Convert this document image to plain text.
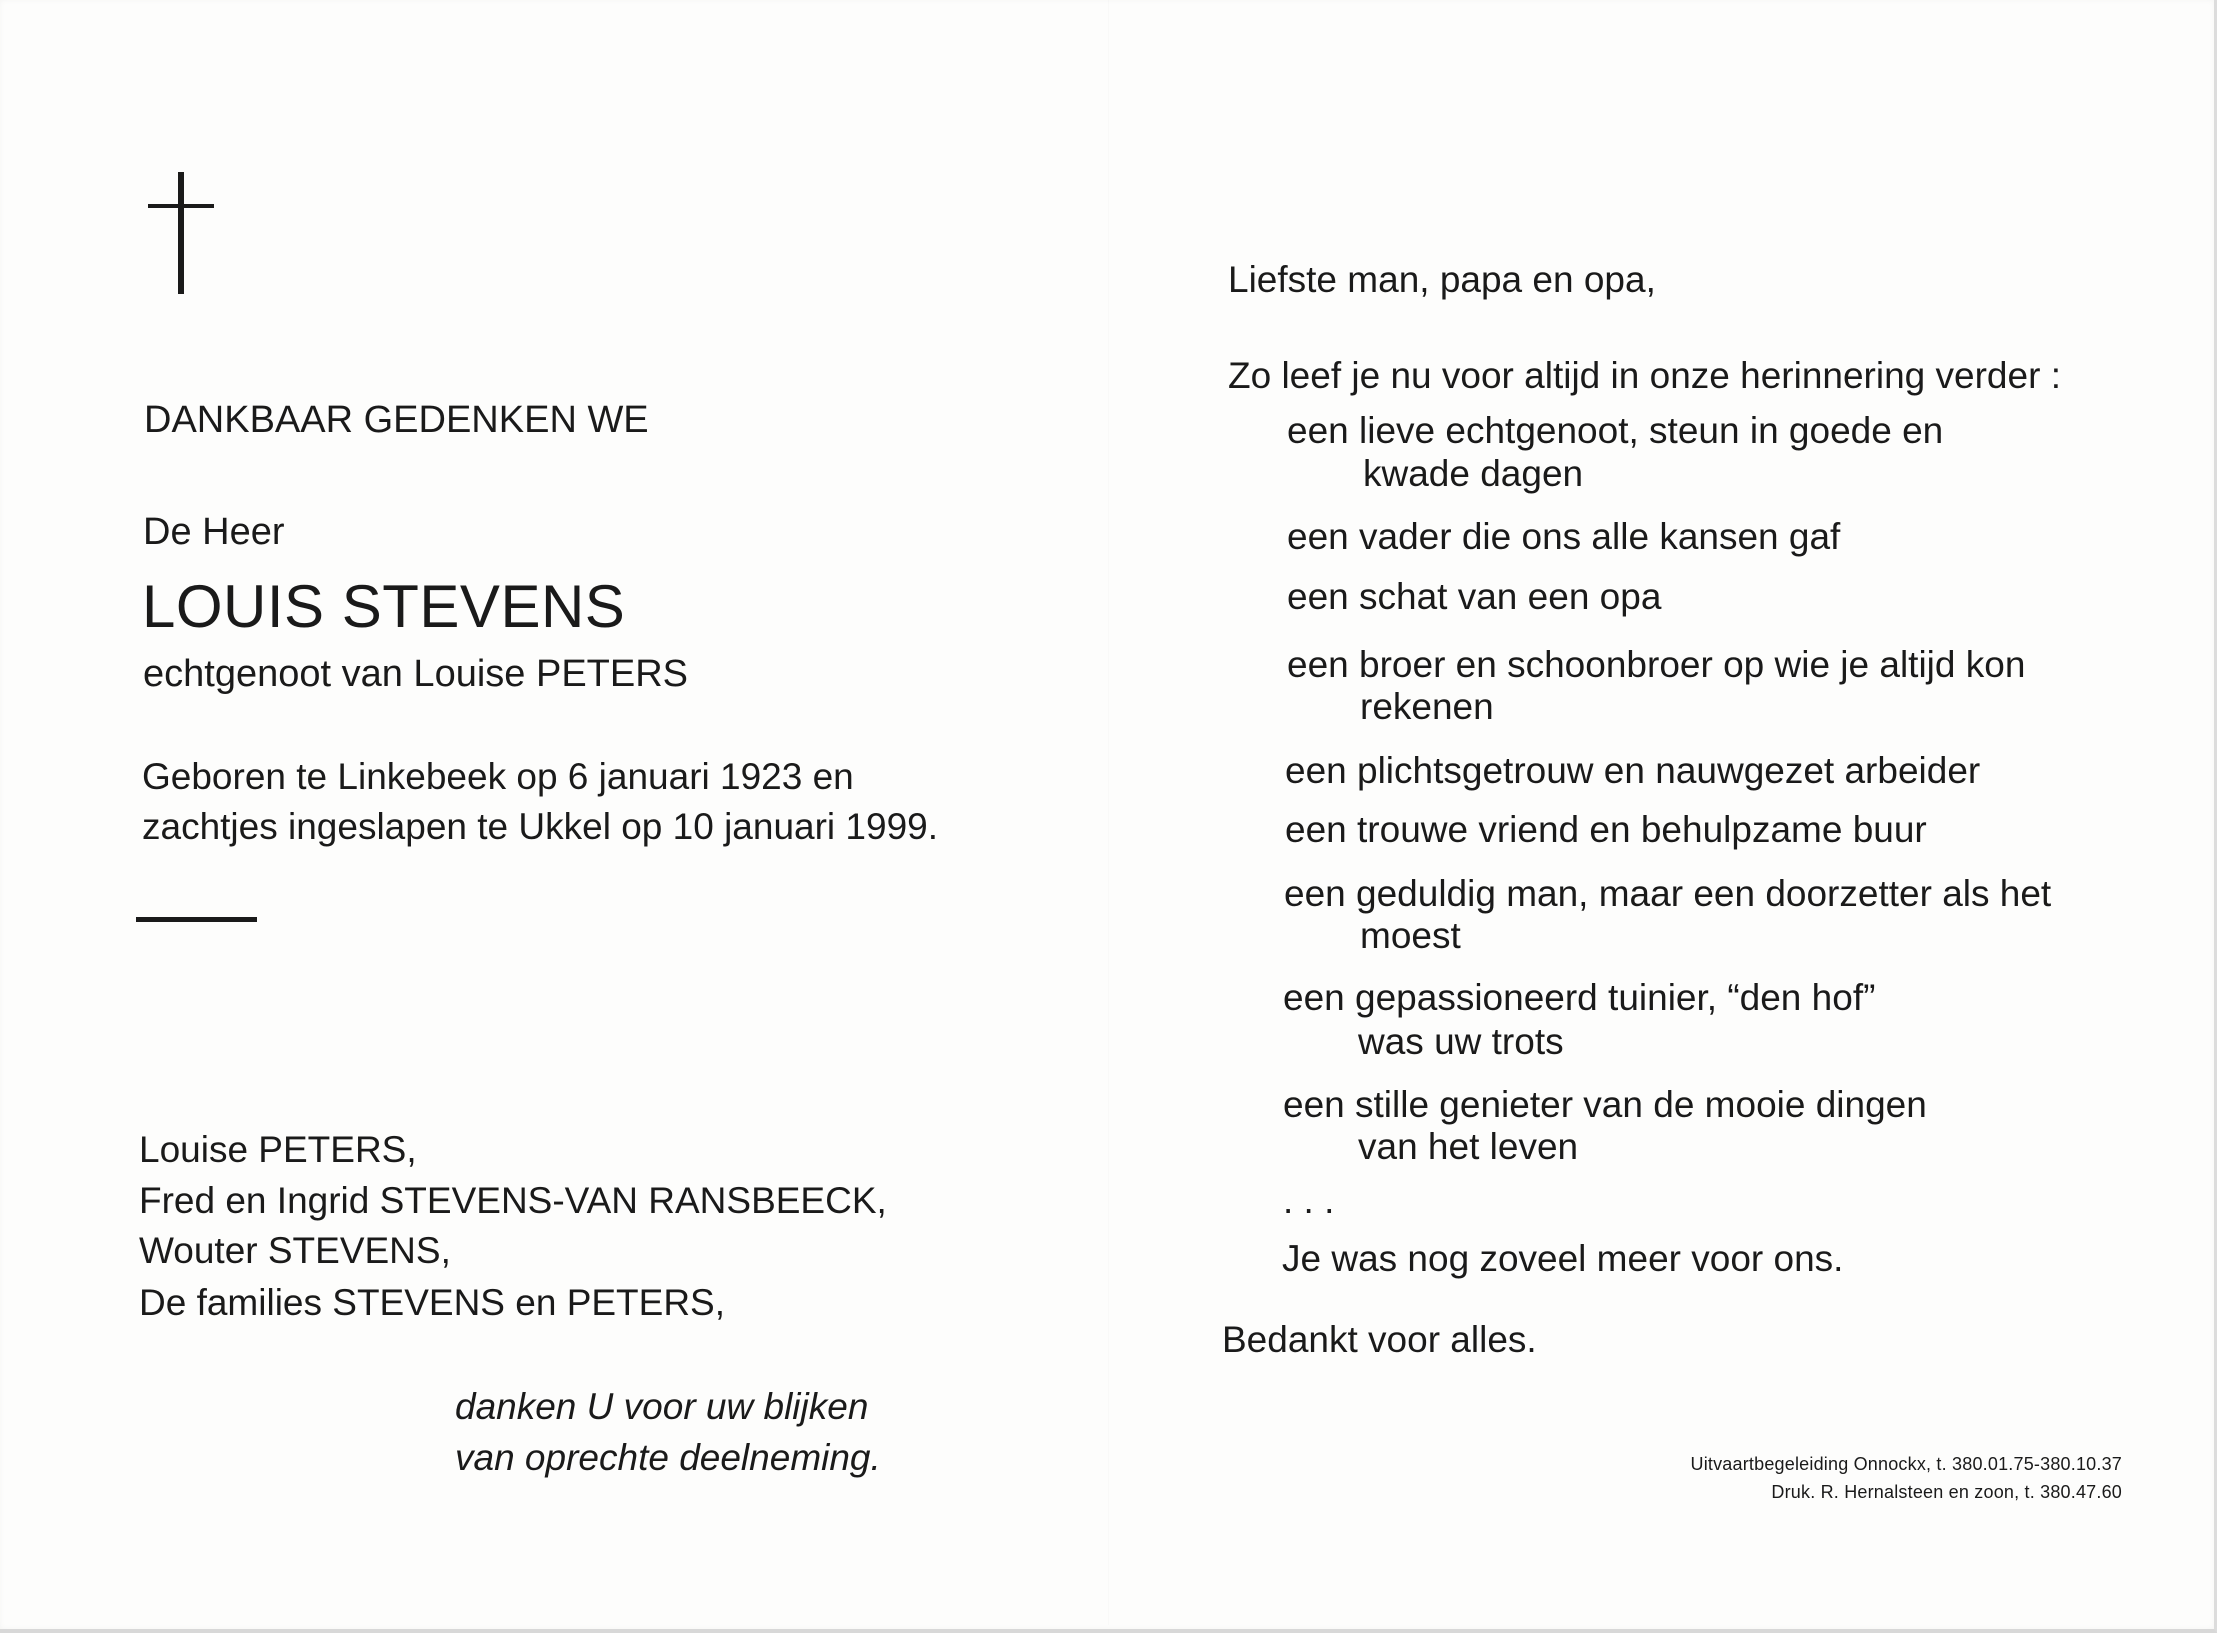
DANKBAAR GEDENKEN WE
De Heer
LOUIS STEVENS
echtgenoot van Louise PETERS
Geboren te Linkebeek op 6 januari 1923 en
zachtjes ingeslapen te Ukkel op 10 januari 1999.
Louise PETERS,
Fred en Ingrid STEVENS-VAN RANSBEECK,
Wouter STEVENS,
De families STEVENS en PETERS,
danken U voor uw blijken
van oprechte deelneming.
Liefste man, papa en opa,
Zo leef je nu voor altijd in onze herinnering verder :
een lieve echtgenoot, steun in goede en
kwade dagen
een vader die ons alle kansen gaf
een schat van een opa
een broer en schoonbroer op wie je altijd kon
rekenen
een plichtsgetrouw en nauwgezet arbeider
een trouwe vriend en behulpzame buur
een geduldig man, maar een doorzetter als het
moest
een gepassioneerd tuinier, “den hof”
was uw trots
een stille genieter van de mooie dingen
van het leven
. . .
Je was nog zoveel meer voor ons.
Bedankt voor alles.
Uitvaartbegeleiding Onnockx, t. 380.01.75-380.10.37
Druk. R. Hernalsteen en zoon, t. 380.47.60
